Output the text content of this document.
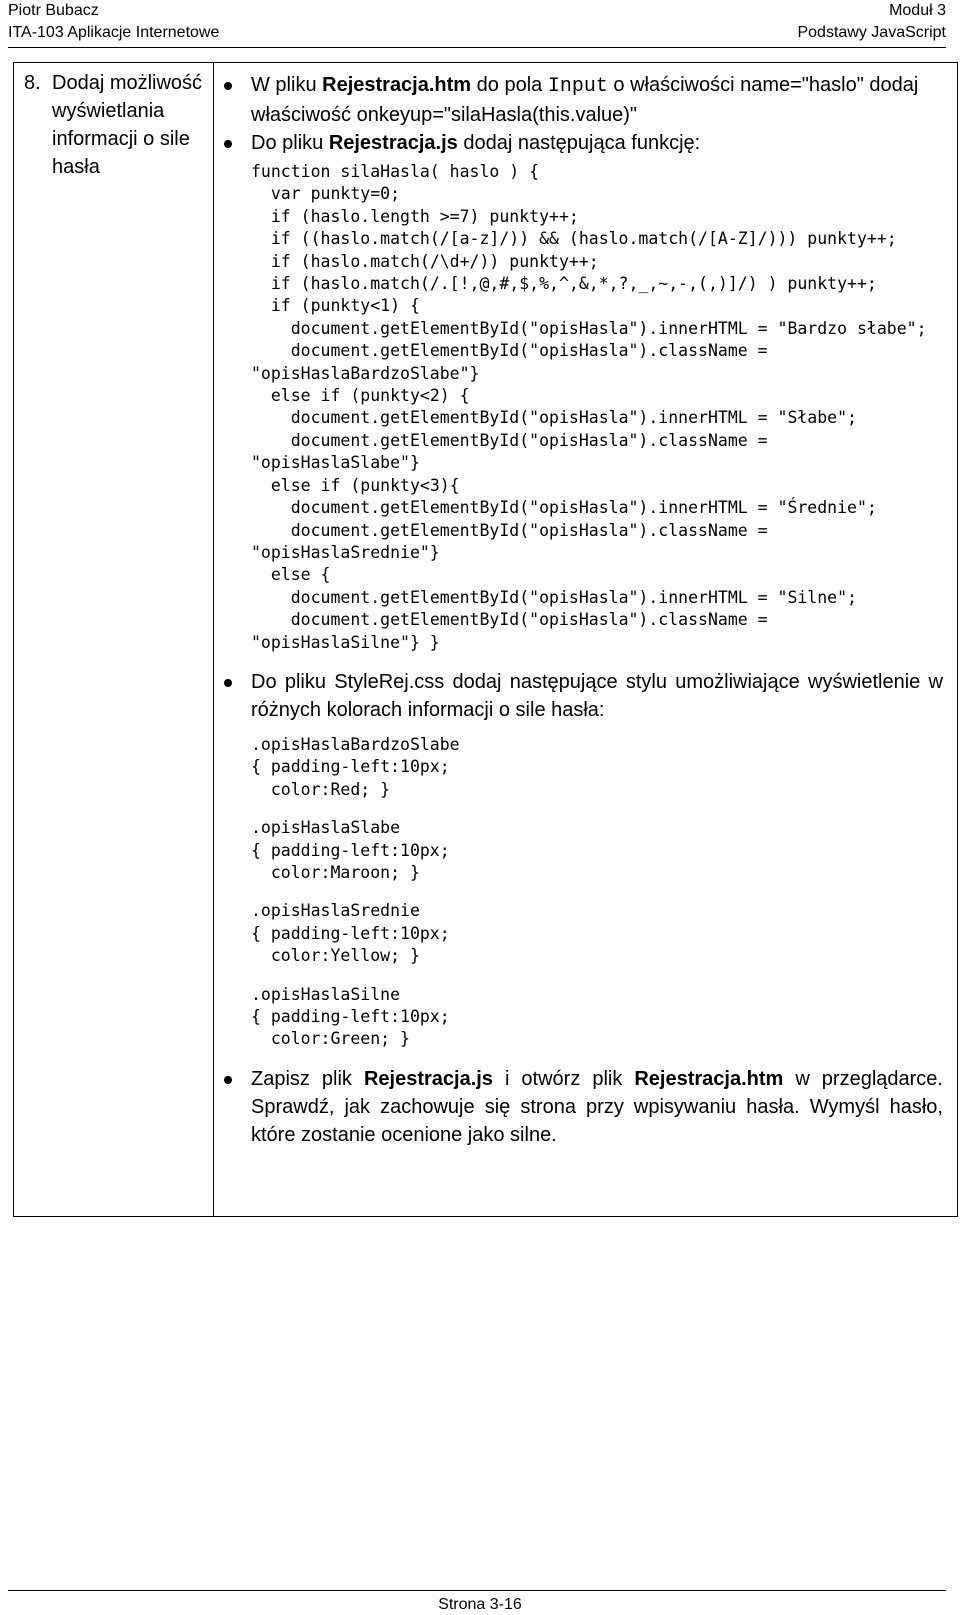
Piotr Bubacz
ITA-103 Aplikacje Internetowe
Moduł 3
Podstawy JavaScript
8. Dodaj możliwość wyświetlania informacji o sile hasła
W pliku Rejestracja.htm do pola Input o właściwości name="haslo" dodaj właściwość onkeyup="silaHasla(this.value)"
Do pliku Rejestracja.js dodaj następująca funkcję:
function silaHasla( haslo ) {
var punkty=0;
if (haslo.length >=7) punkty++;
if ((haslo.match(/[a-z]/)) && (haslo.match(/[A-Z]/))) punkty++;
if (haslo.match(/\d+/)) punkty++;
if (haslo.match(/.[!,@,#,$,%,^,&,*,?,_,~,-,(,)]/) ) punkty++;
if (punkty<1) {
document.getElementById("opisHasla").innerHTML = "Bardzo słabe";
document.getElementById("opisHasla").className = "opisHaslaBardzoSlabe"}
else if (punkty<2) {
document.getElementById("opisHasla").innerHTML = "Słabe";
document.getElementById("opisHasla").className = "opisHaslaSlabe"}
else if (punkty<3){
document.getElementById("opisHasla").innerHTML = "Średnie";
document.getElementById("opisHasla").className = "opisHaslaSrednie"}
else {
document.getElementById("opisHasla").innerHTML = "Silne";
document.getElementById("opisHasla").className = "opisHaslaSilne"} }
Do pliku StyleRej.css dodaj następujące stylu umożliwiające wyświetlenie w różnych kolorach informacji o sile hasła:
.opisHaslaBardzoSlabe
{ padding-left:10px;
color:Red; }
.opisHaslaSlabe
{ padding-left:10px;
color:Maroon; }
.opisHaslaSrednie
{ padding-left:10px;
color:Yellow; }
.opisHaslaSilne
{ padding-left:10px;
color:Green; }
Zapisz plik Rejestracja.js i otwórz plik Rejestracja.htm w przeglądarce. Sprawdź, jak zachowuje się strona przy wpisywaniu hasła. Wymyśl hasło, które zostanie ocenione jako silne.
Strona 3-16
